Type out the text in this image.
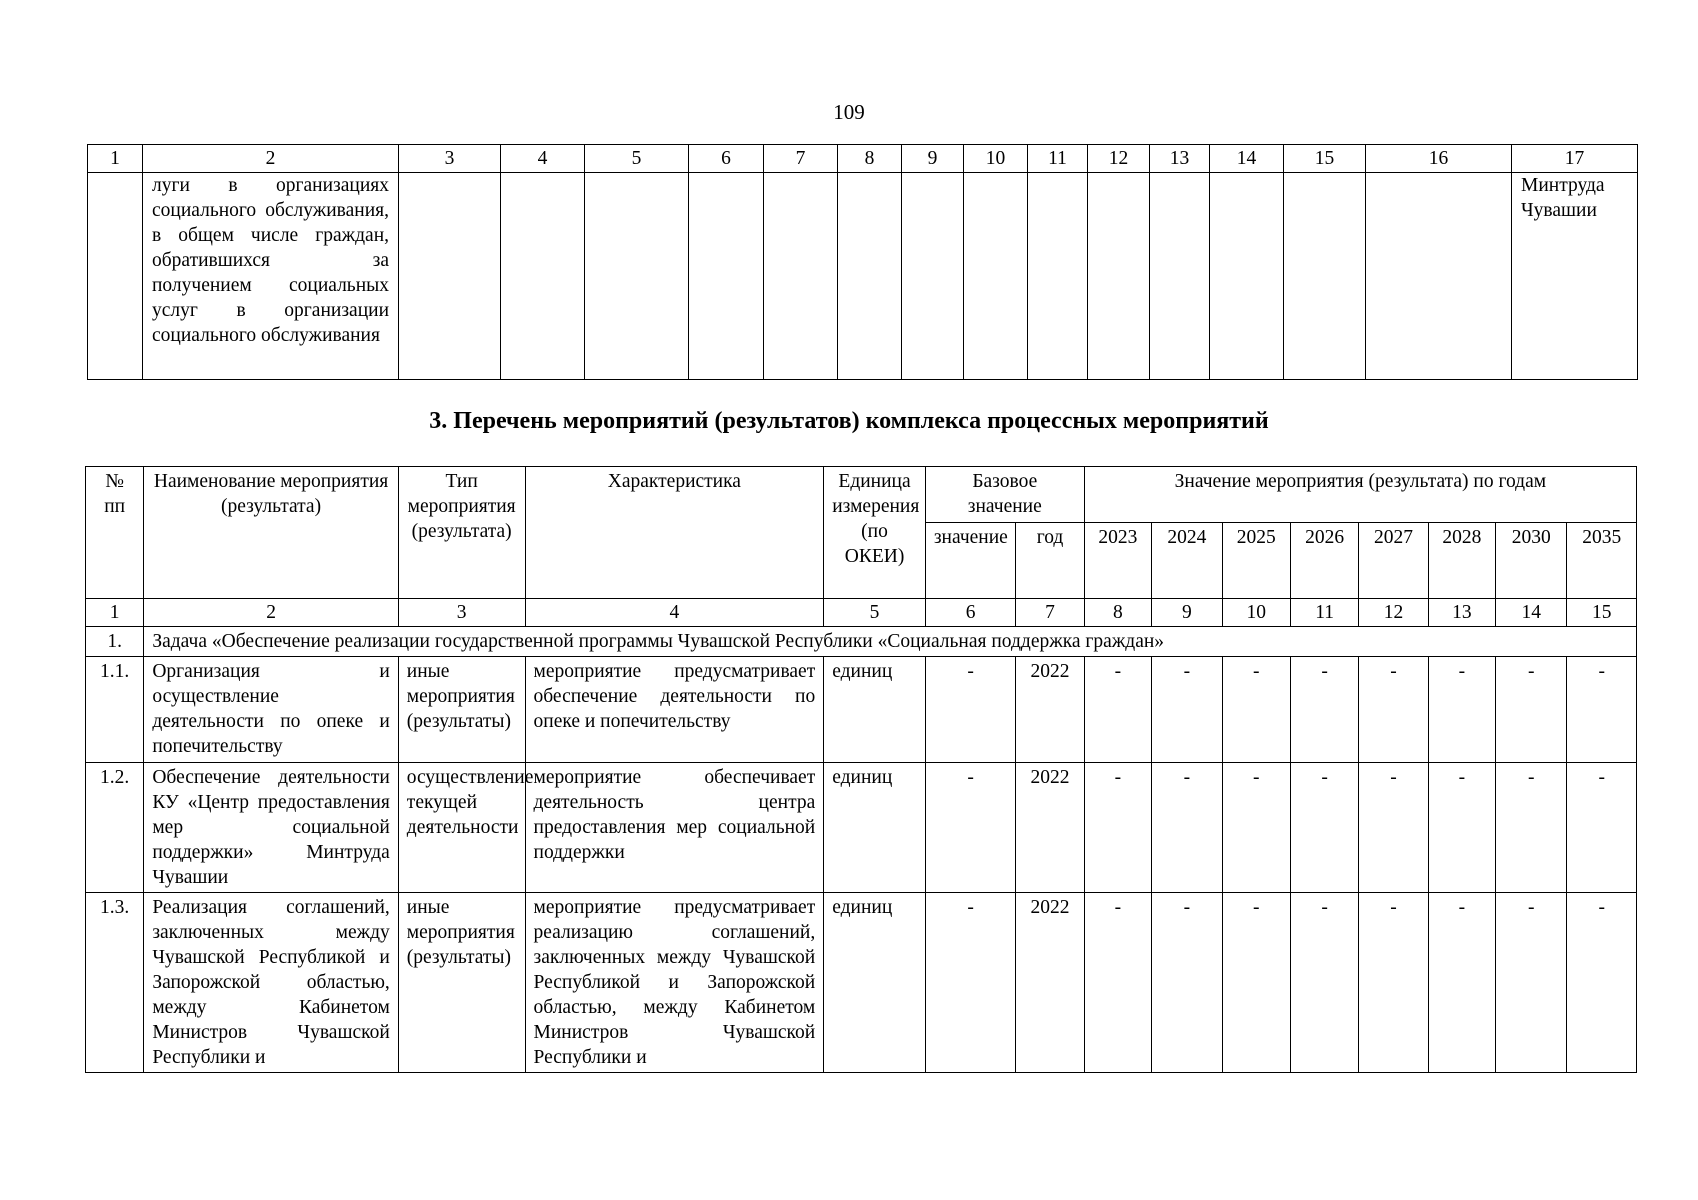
109
1	2	3	4	5	6	7	8	9	10	11	12	13	14	15	16	17
	луги в организациях социального обслуживания, в общем числе граждан, обратившихся за получением социальных услуг в организации социального обслуживания															Минтруда Чувашии
3. Перечень мероприятий (результатов) комплекса процессных мероприятий
№ пп	Наименование мероприятия (результата)	Тип мероприятия (результата)	Характеристика	Единица измерения (по ОКЕИ)	Базовое значение		Значение мероприятия (результата) по годам							
					значение	год	2023	2024	2025	2026	2027	2028	2030	2035
1	2	3	4	5	6	7	8	9	10	11	12	13	14	15
1.	Задача «Обеспечение реализации государственной программы Чувашской Республики «Социальная поддержка граждан»													
1.1.	Организация и осуществление деятельности по опеке и попечительству	иные мероприятия (результаты)	мероприятие предусматривает обеспечение деятельности по опеке и попечительству	единиц	-	2022	-	-	-	-	-	-	-	-
1.2.	Обеспечение деятельности КУ «Центр предоставления мер социальной поддержки» Минтруда Чувашии	осуществление текущей деятельности	мероприятие обеспечивает деятельность центра предоставления мер социальной поддержки	единиц	-	2022	-	-	-	-	-	-	-	-
1.3.	Реализация соглашений, заключенных между Чувашской Республикой и Запорожской областью, между Кабинетом Министров Чувашской Республики и	иные мероприятия (результаты)	мероприятие предусматривает реализацию соглашений, заключенных между Чувашской Республикой и Запорожской областью, между Кабинетом Министров Чувашской Республики и	единиц	-	2022	-	-	-	-	-	-	-	-
